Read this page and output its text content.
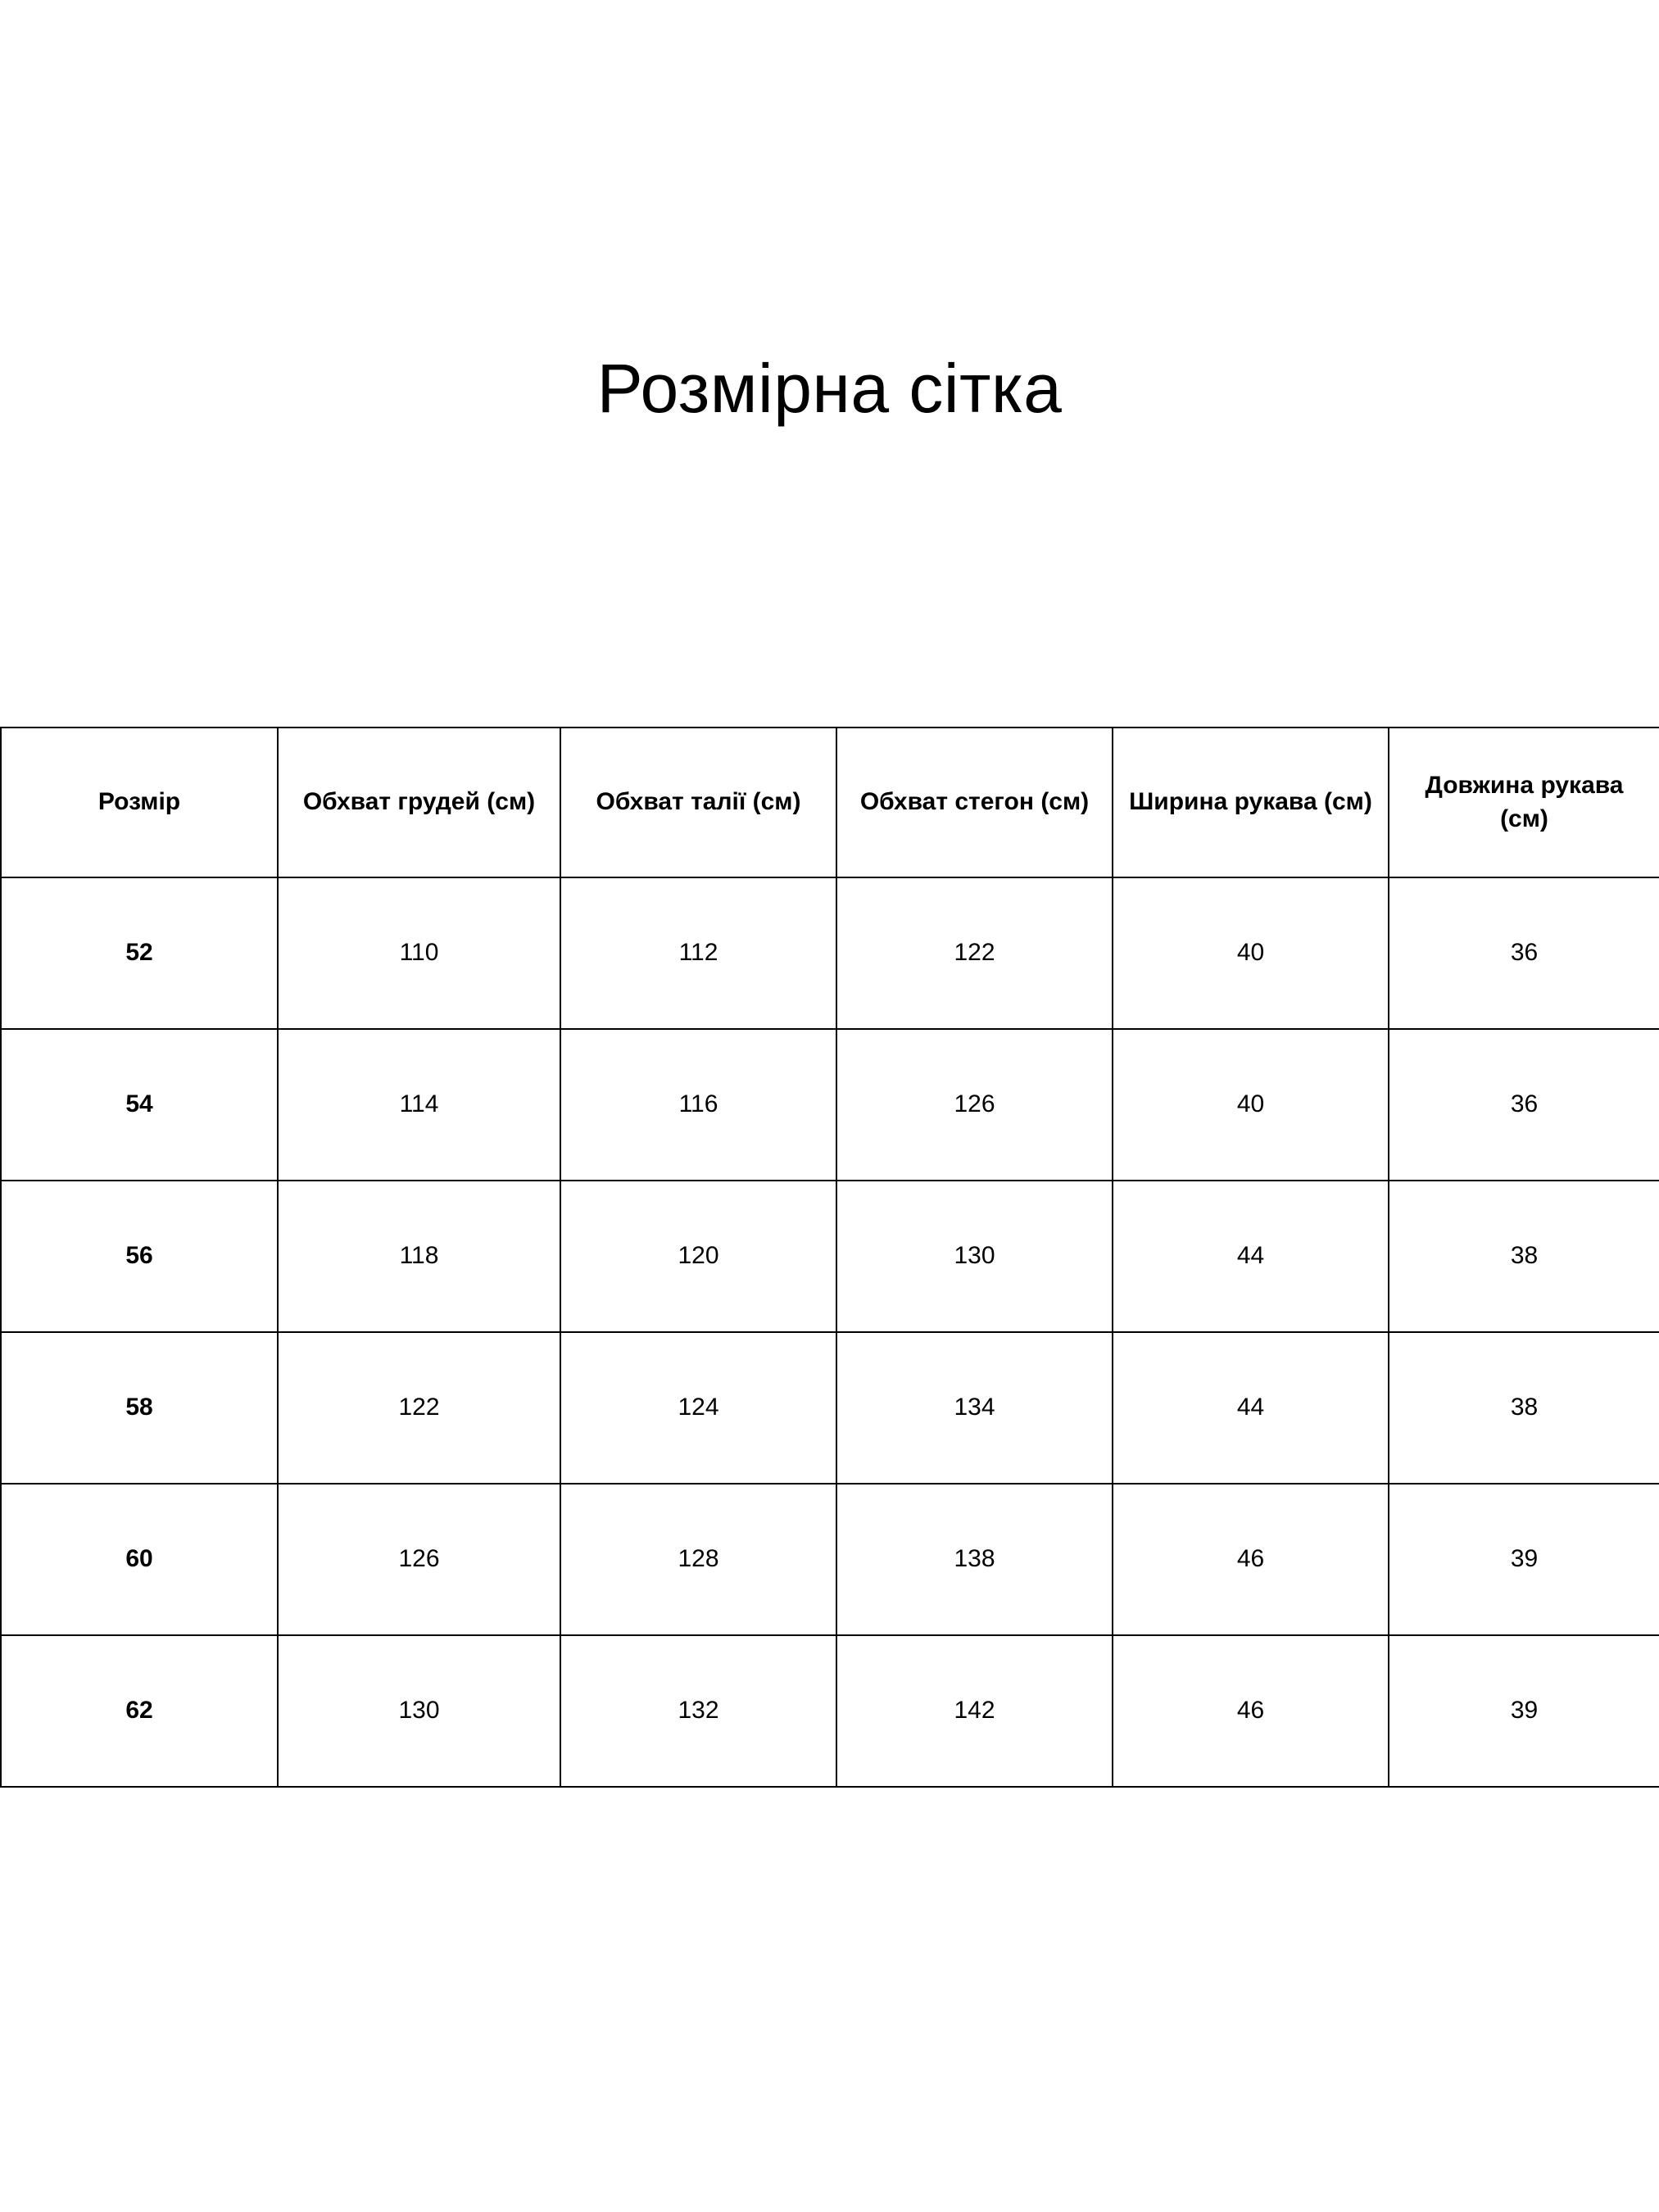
Розмірна сітка
Розмір	Обхват грудей (см)	Обхват талії (см)	Обхват стегон (см)	Ширина рукава (см)	Довжина рукава (см)
52	110	112	122	40	36
54	114	116	126	40	36
56	118	120	130	44	38
58	122	124	134	44	38
60	126	128	138	46	39
62	130	132	142	46	39
